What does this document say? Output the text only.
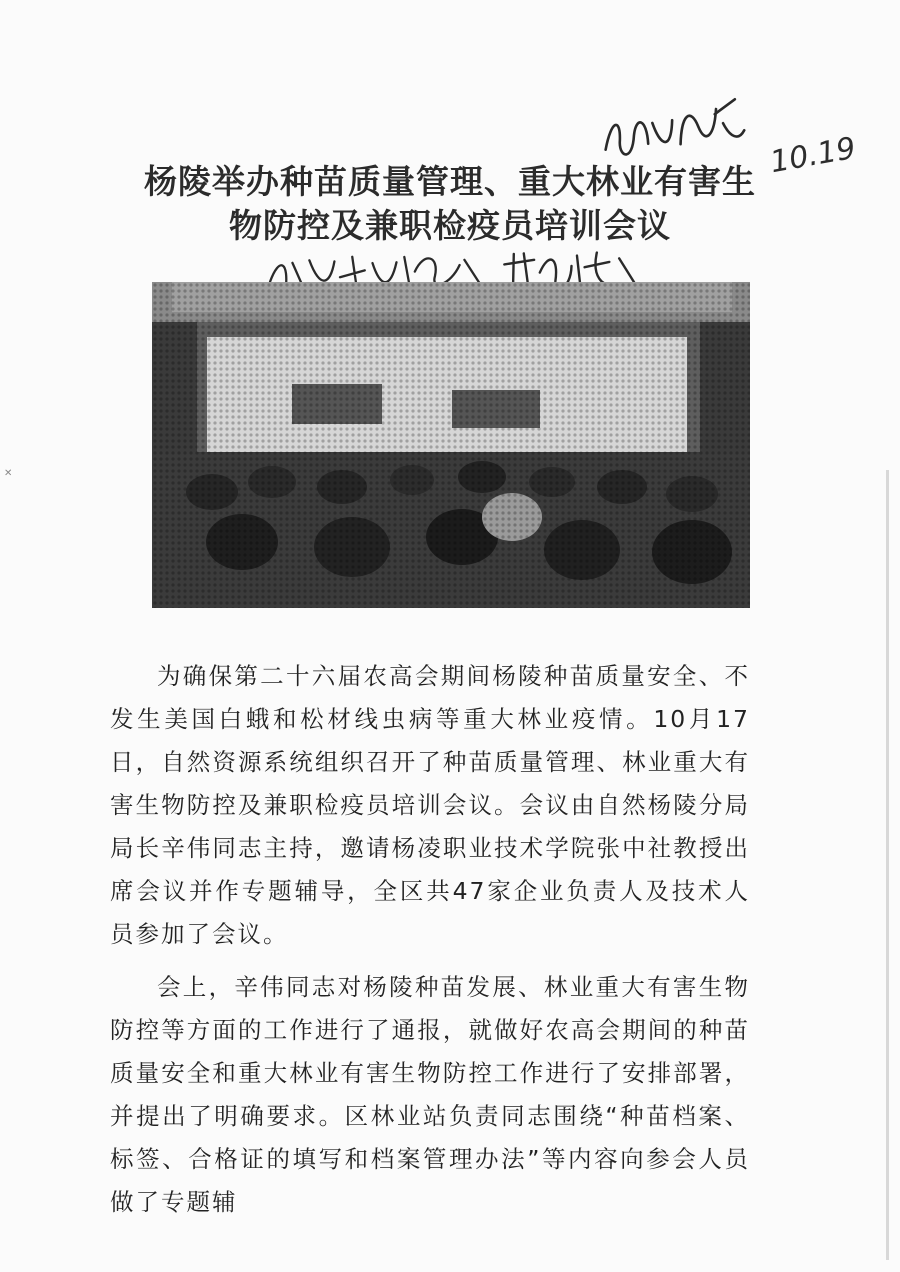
10.19
杨陵举办种苗质量管理、重大林业有害生
物防控及兼职检疫员培训会议

为确保第二十六届农高会期间杨陵种苗质量安全、不发生美国白蛾和松材线虫病等重大林业疫情。10月17日，自然资源系统组织召开了种苗质量管理、林业重大有害生物防控及兼职检疫员培训会议。会议由自然杨陵分局局长辛伟同志主持，邀请杨凌职业技术学院张中社教授出席会议并作专题辅导，全区共47家企业负责人及技术人员参加了会议。

会上，辛伟同志对杨陵种苗发展、林业重大有害生物防控等方面的工作进行了通报，就做好农高会期间的种苗质量安全和重大林业有害生物防控工作进行了安排部署，并提出了明确要求。区林业站负责同志围绕“种苗档案、标签、合格证的填写和档案管理办法”等内容向参会人员做了专题辅

✕
